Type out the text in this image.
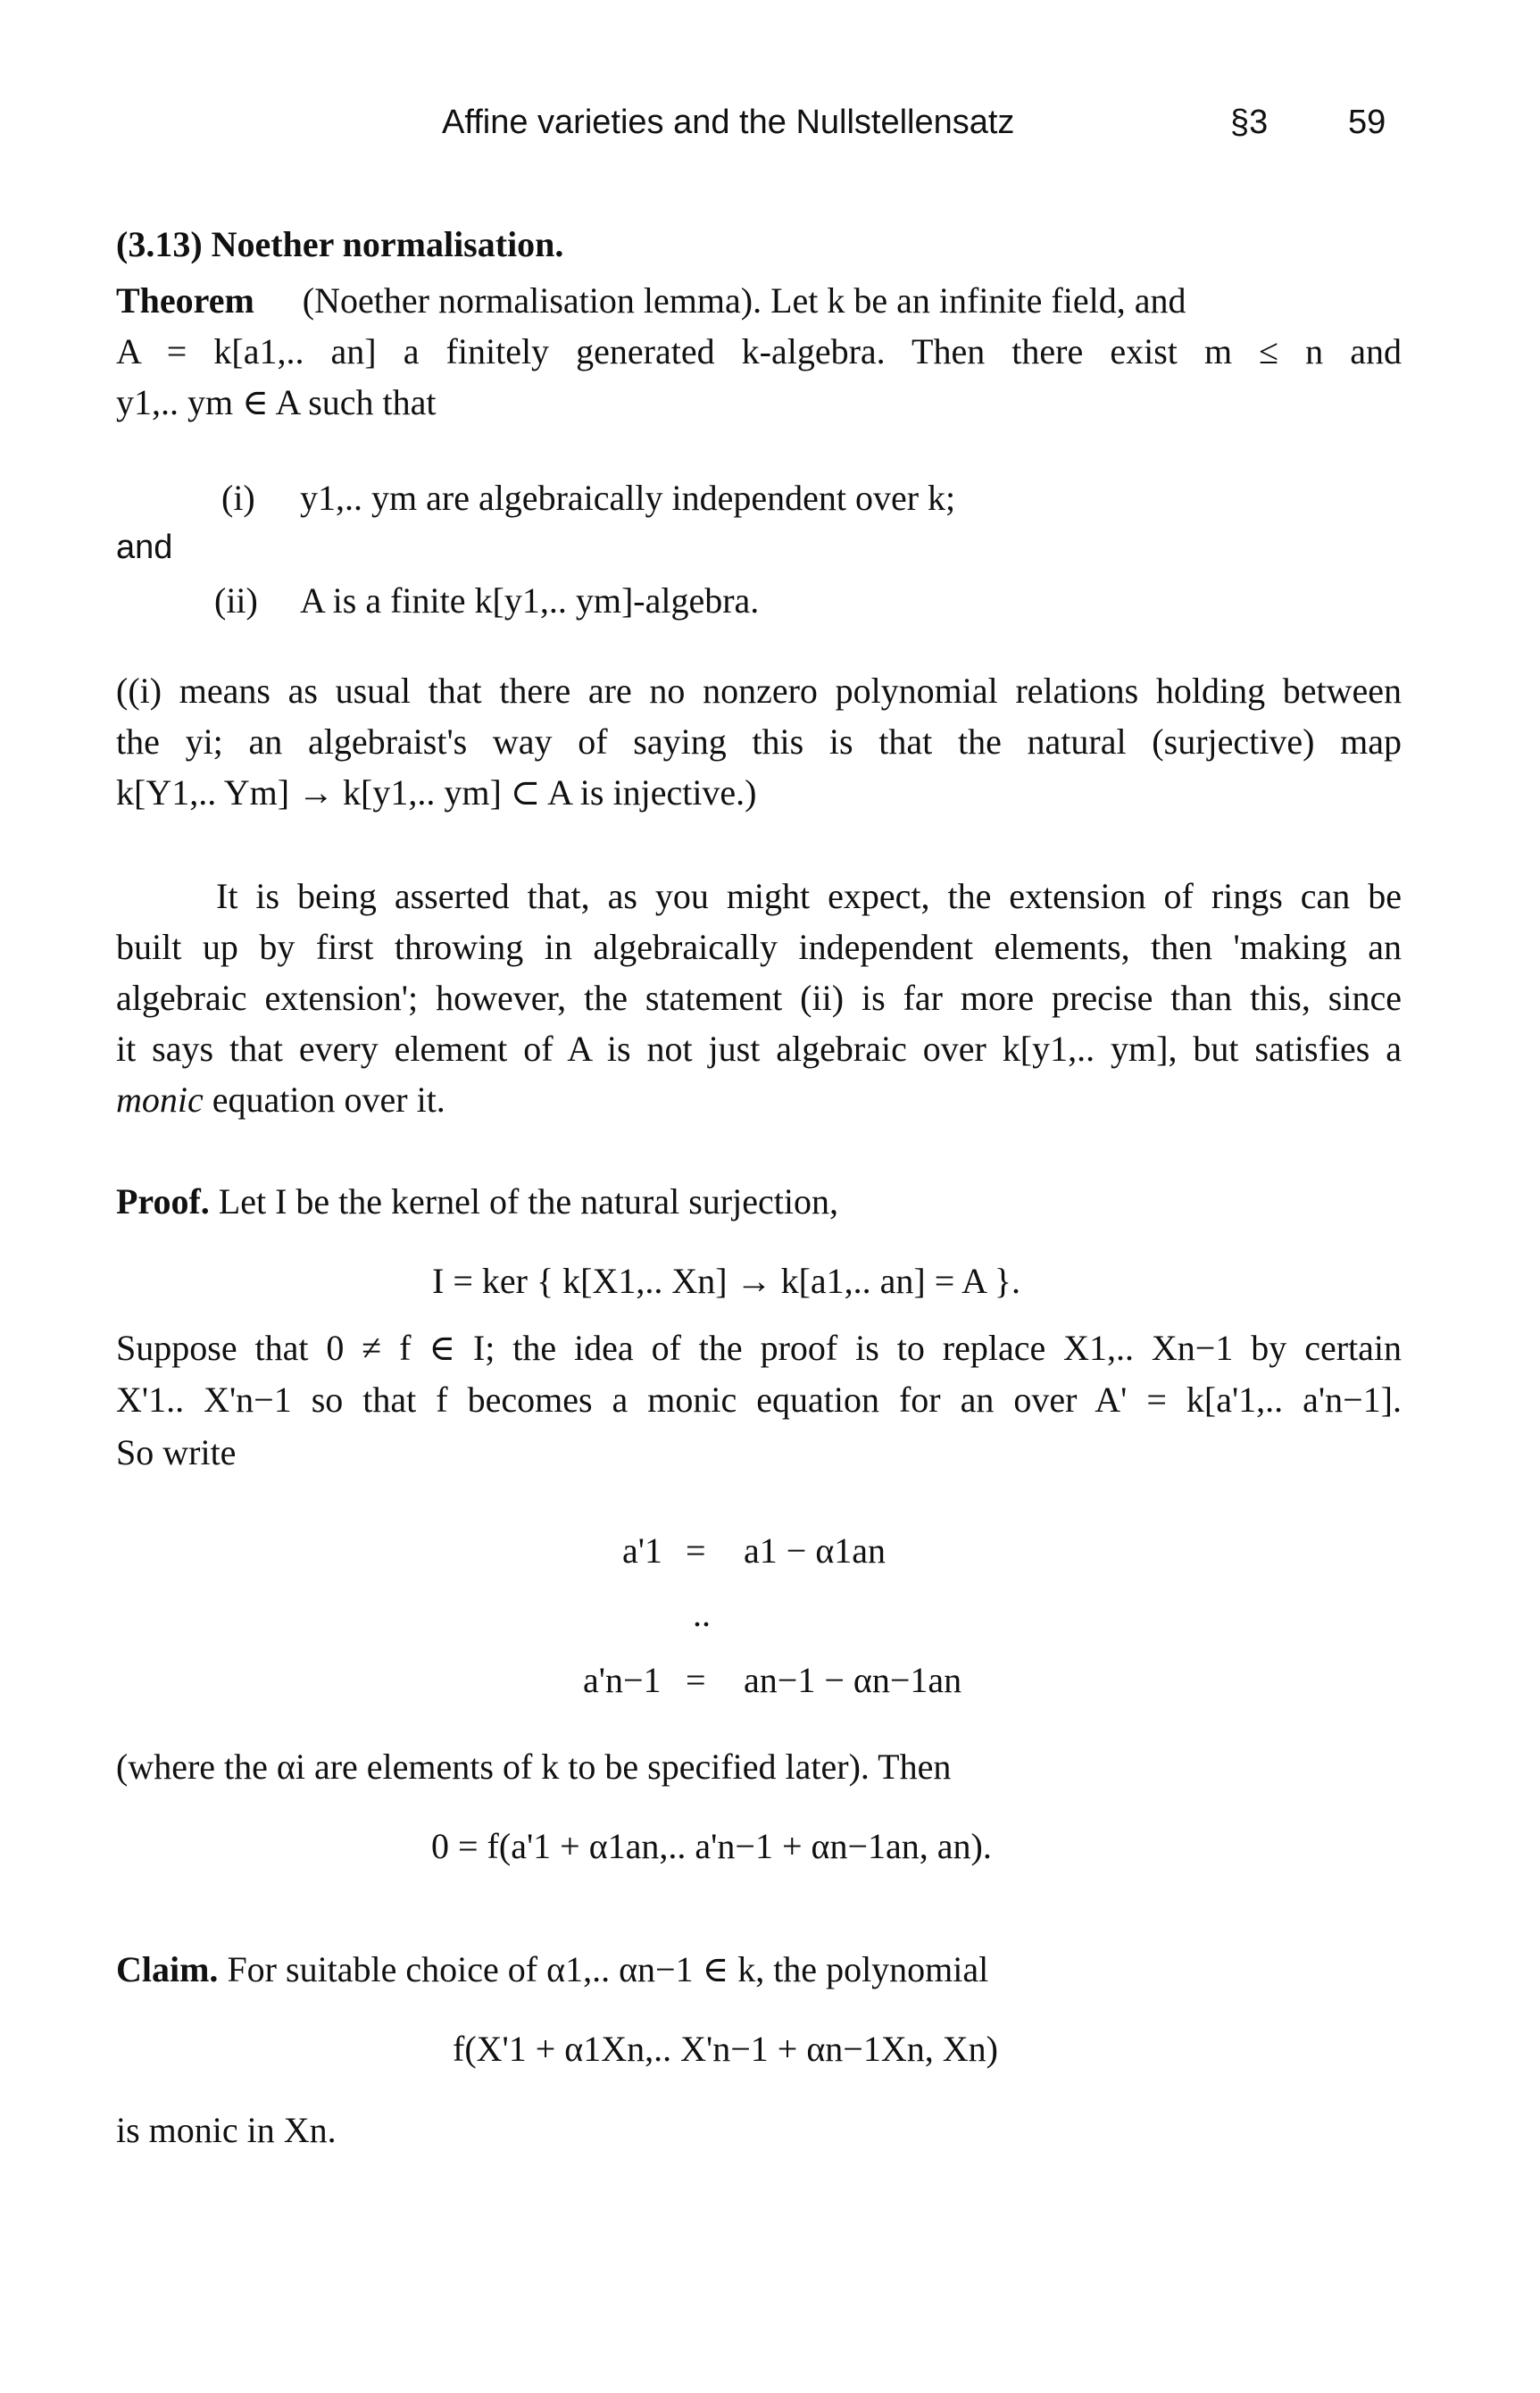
Affine varieties and the Nullstellensatz	§3 59
(3.13) Noether normalisation.
Theorem (Noether normalisation lemma). Let k be an infinite field, and
A = k[a1,.. an] a finitely generated k-algebra. Then there exist m ≤ n and
y1,.. ym ∈ A such that
(i) y1,.. ym are algebraically independent over k;
and
(ii) A is a finite k[y1,.. ym]-algebra.
((i) means as usual that there are no nonzero polynomial relations holding between
the yi; an algebraist's way of saying this is that the natural (surjective) map
k[Y1,.. Ym] → k[y1,.. ym] ⊂ A is injective.)
It is being asserted that, as you might expect, the extension of rings can be
built up by first throwing in algebraically independent elements, then 'making an
algebraic extension'; however, the statement (ii) is far more precise than this, since
it says that every element of A is not just algebraic over k[y1,.. ym], but satisfies a
monic equation over it.
Proof. Let I be the kernel of the natural surjection,
I = ker { k[X1,.. Xn] → k[a1,.. an] = A }.
Suppose that 0 ≠ f ∈ I; the idea of the proof is to replace X1,.. Xn−1 by certain
X'1.. X'n−1 so that f becomes a monic equation for an over A' = k[a'1,.. a'n−1].
So write
a'1 = a1 − α1an
..
a'n−1 = an−1 − αn−1an
(where the αi are elements of k to be specified later). Then
0 = f(a'1 + α1an,.. a'n−1 + αn−1an, an).
Claim. For suitable choice of α1,.. αn−1 ∈ k, the polynomial
f(X'1 + α1Xn,.. X'n−1 + αn−1Xn, Xn)
is monic in Xn.
